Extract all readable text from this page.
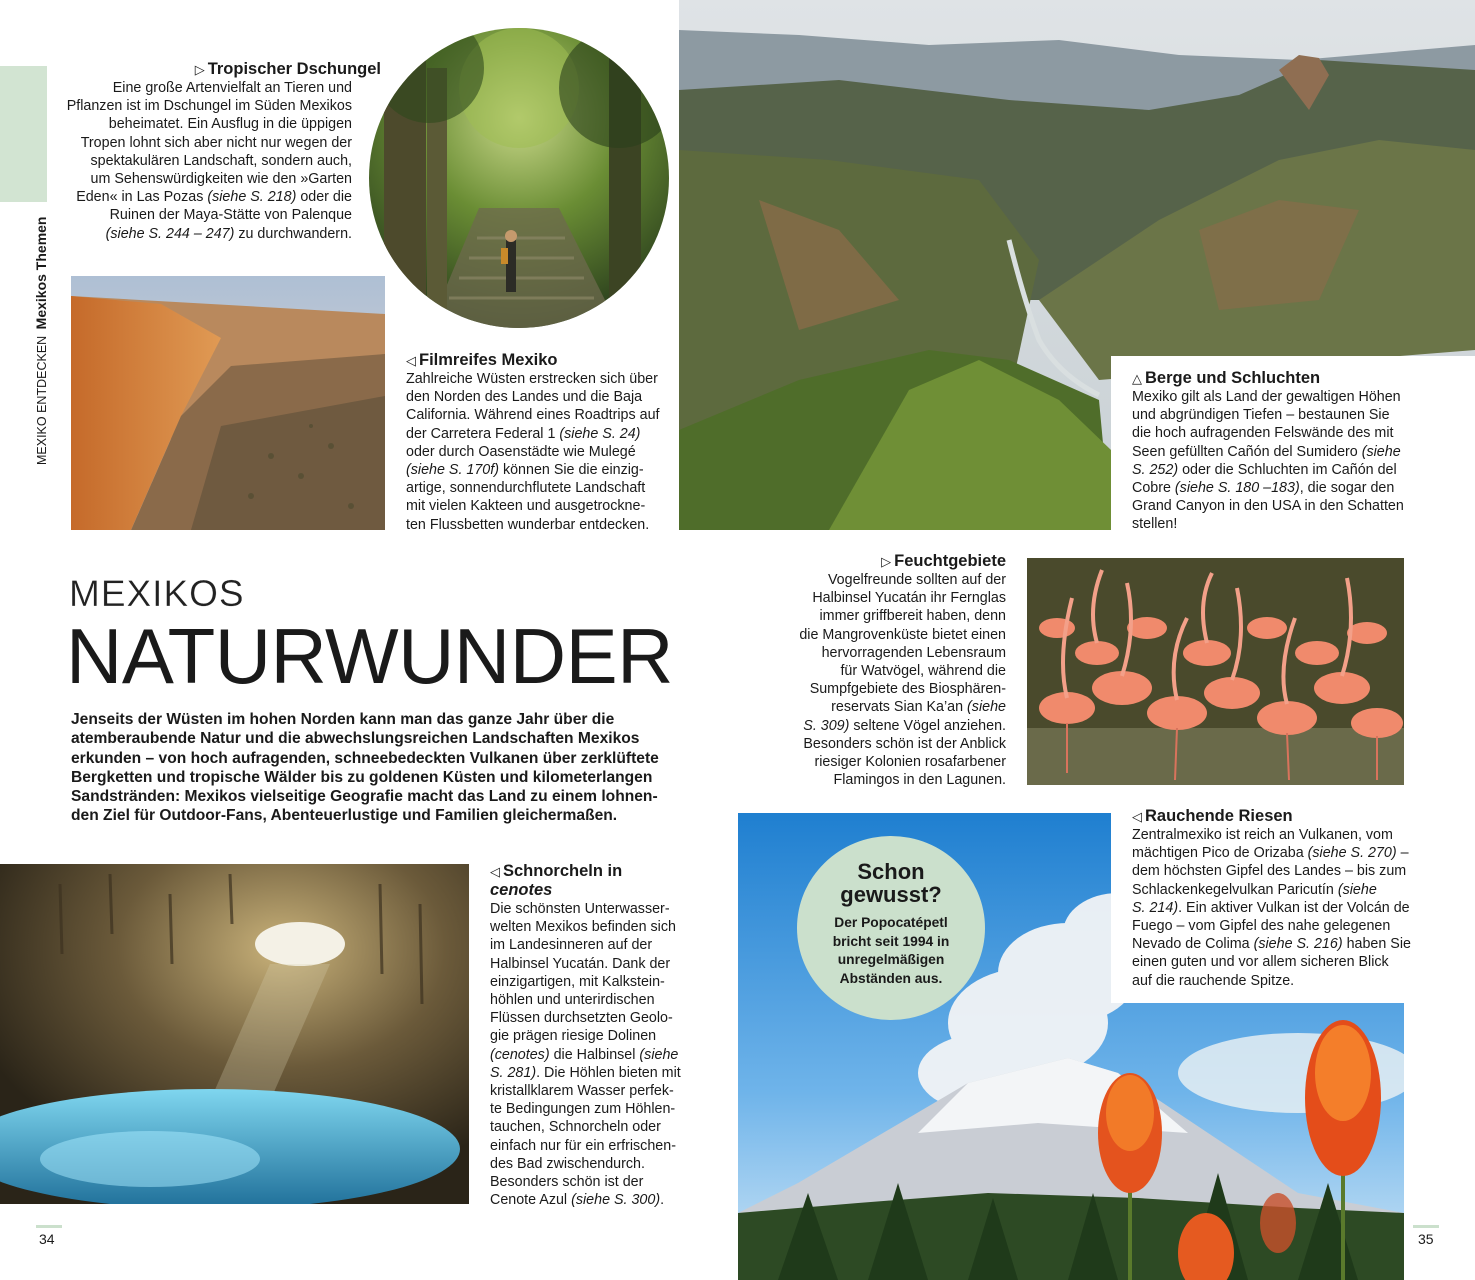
MEXIKO ENTDECKEN Mexikos Themen
▷ Tropischer Dschungel
Eine große Artenvielfalt an Tieren und
Pflanzen ist im Dschungel im Süden Mexikos
beheimatet. Ein Ausflug in die üppigen
Tropen lohnt sich aber nicht nur wegen der
spektakulären Landschaft, sondern auch,
um Sehenswürdigkeiten wie den »Garten
Eden« in Las Pozas (siehe S. 218) oder die
Ruinen der Maya-Stätte von Palenque
(siehe S. 244 – 247) zu durchwandern.
◁ Filmreifes Mexiko
Zahlreiche Wüsten erstrecken sich über
den Norden des Landes und die Baja
California. Während eines Roadtrips auf
der Carretera Federal 1 (siehe S. 24)
oder durch Oasenstädte wie Mulegé
(siehe S. 170f) können Sie die einzig-
artige, sonnendurchflutete Landschaft
mit vielen Kakteen und ausgetrockne-
ten Flussbetten wunderbar entdecken.
△ Berge und Schluchten
Mexiko gilt als Land der gewaltigen Höhen
und abgründigen Tiefen – bestaunen Sie
die hoch aufragenden Felswände des mit
Seen gefüllten Cañón del Sumidero (siehe
S. 252) oder die Schluchten im Cañón del
Cobre (siehe S. 180 –183), die sogar den
Grand Canyon in den USA in den Schatten
stellen!
MEXIKOS
NATURWUNDER
Jenseits der Wüsten im hohen Norden kann man das ganze Jahr über die
atemberaubende Natur und die abwechslungsreichen Landschaften Mexikos
erkunden – von hoch aufragenden, schneebedeckten Vulkanen über zerklüftete
Bergketten und tropische Wälder bis zu goldenen Küsten und kilometerlangen
Sandstränden: Mexikos vielseitige Geografie macht das Land zu einem lohnen-
den Ziel für Outdoor-Fans, Abenteuerlustige und Familien gleichermaßen.
▷ Feuchtgebiete
Vogelfreunde sollten auf der
Halbinsel Yucatán ihr Fernglas
immer griffbereit haben, denn
die Mangrovenküste bietet einen
hervorragenden Lebensraum
für Watvögel, während die
Sumpfgebiete des Biosphären-
reservats Sian Ka’an (siehe
S. 309) seltene Vögel anziehen.
Besonders schön ist der Anblick
riesiger Kolonien rosafarbener
Flamingos in den Lagunen.
◁ Schnorcheln in
cenotes
Die schönsten Unterwasser-
welten Mexikos befinden sich
im Landesinneren auf der
Halbinsel Yucatán. Dank der
einzigartigen, mit Kalkstein-
höhlen und unterirdischen
Flüssen durchsetzten Geolo-
gie prägen riesige Dolinen
(cenotes) die Halbinsel (siehe
S. 281). Die Höhlen bieten mit
kristallklarem Wasser perfek-
te Bedingungen zum Höhlen-
tauchen, Schnorcheln oder
einfach nur für ein erfrischen-
des Bad zwischendurch.
Besonders schön ist der
Cenote Azul (siehe S. 300).
Schon
gewusst?
Der Popocatépetl
bricht seit 1994 in
unregelmäßigen
Abständen aus.
◁ Rauchende Riesen
Zentralmexiko ist reich an Vulkanen, vom
mächtigen Pico de Orizaba (siehe S. 270) –
dem höchsten Gipfel des Landes – bis zum
Schlackenkegelvulkan Paricutín (siehe
S. 214). Ein aktiver Vulkan ist der Volcán de
Fuego – vom Gipfel des nahe gelegenen
Nevado de Colima (siehe S. 216) haben Sie
einen guten und vor allem sicheren Blick
auf die rauchende Spitze.
34	35
